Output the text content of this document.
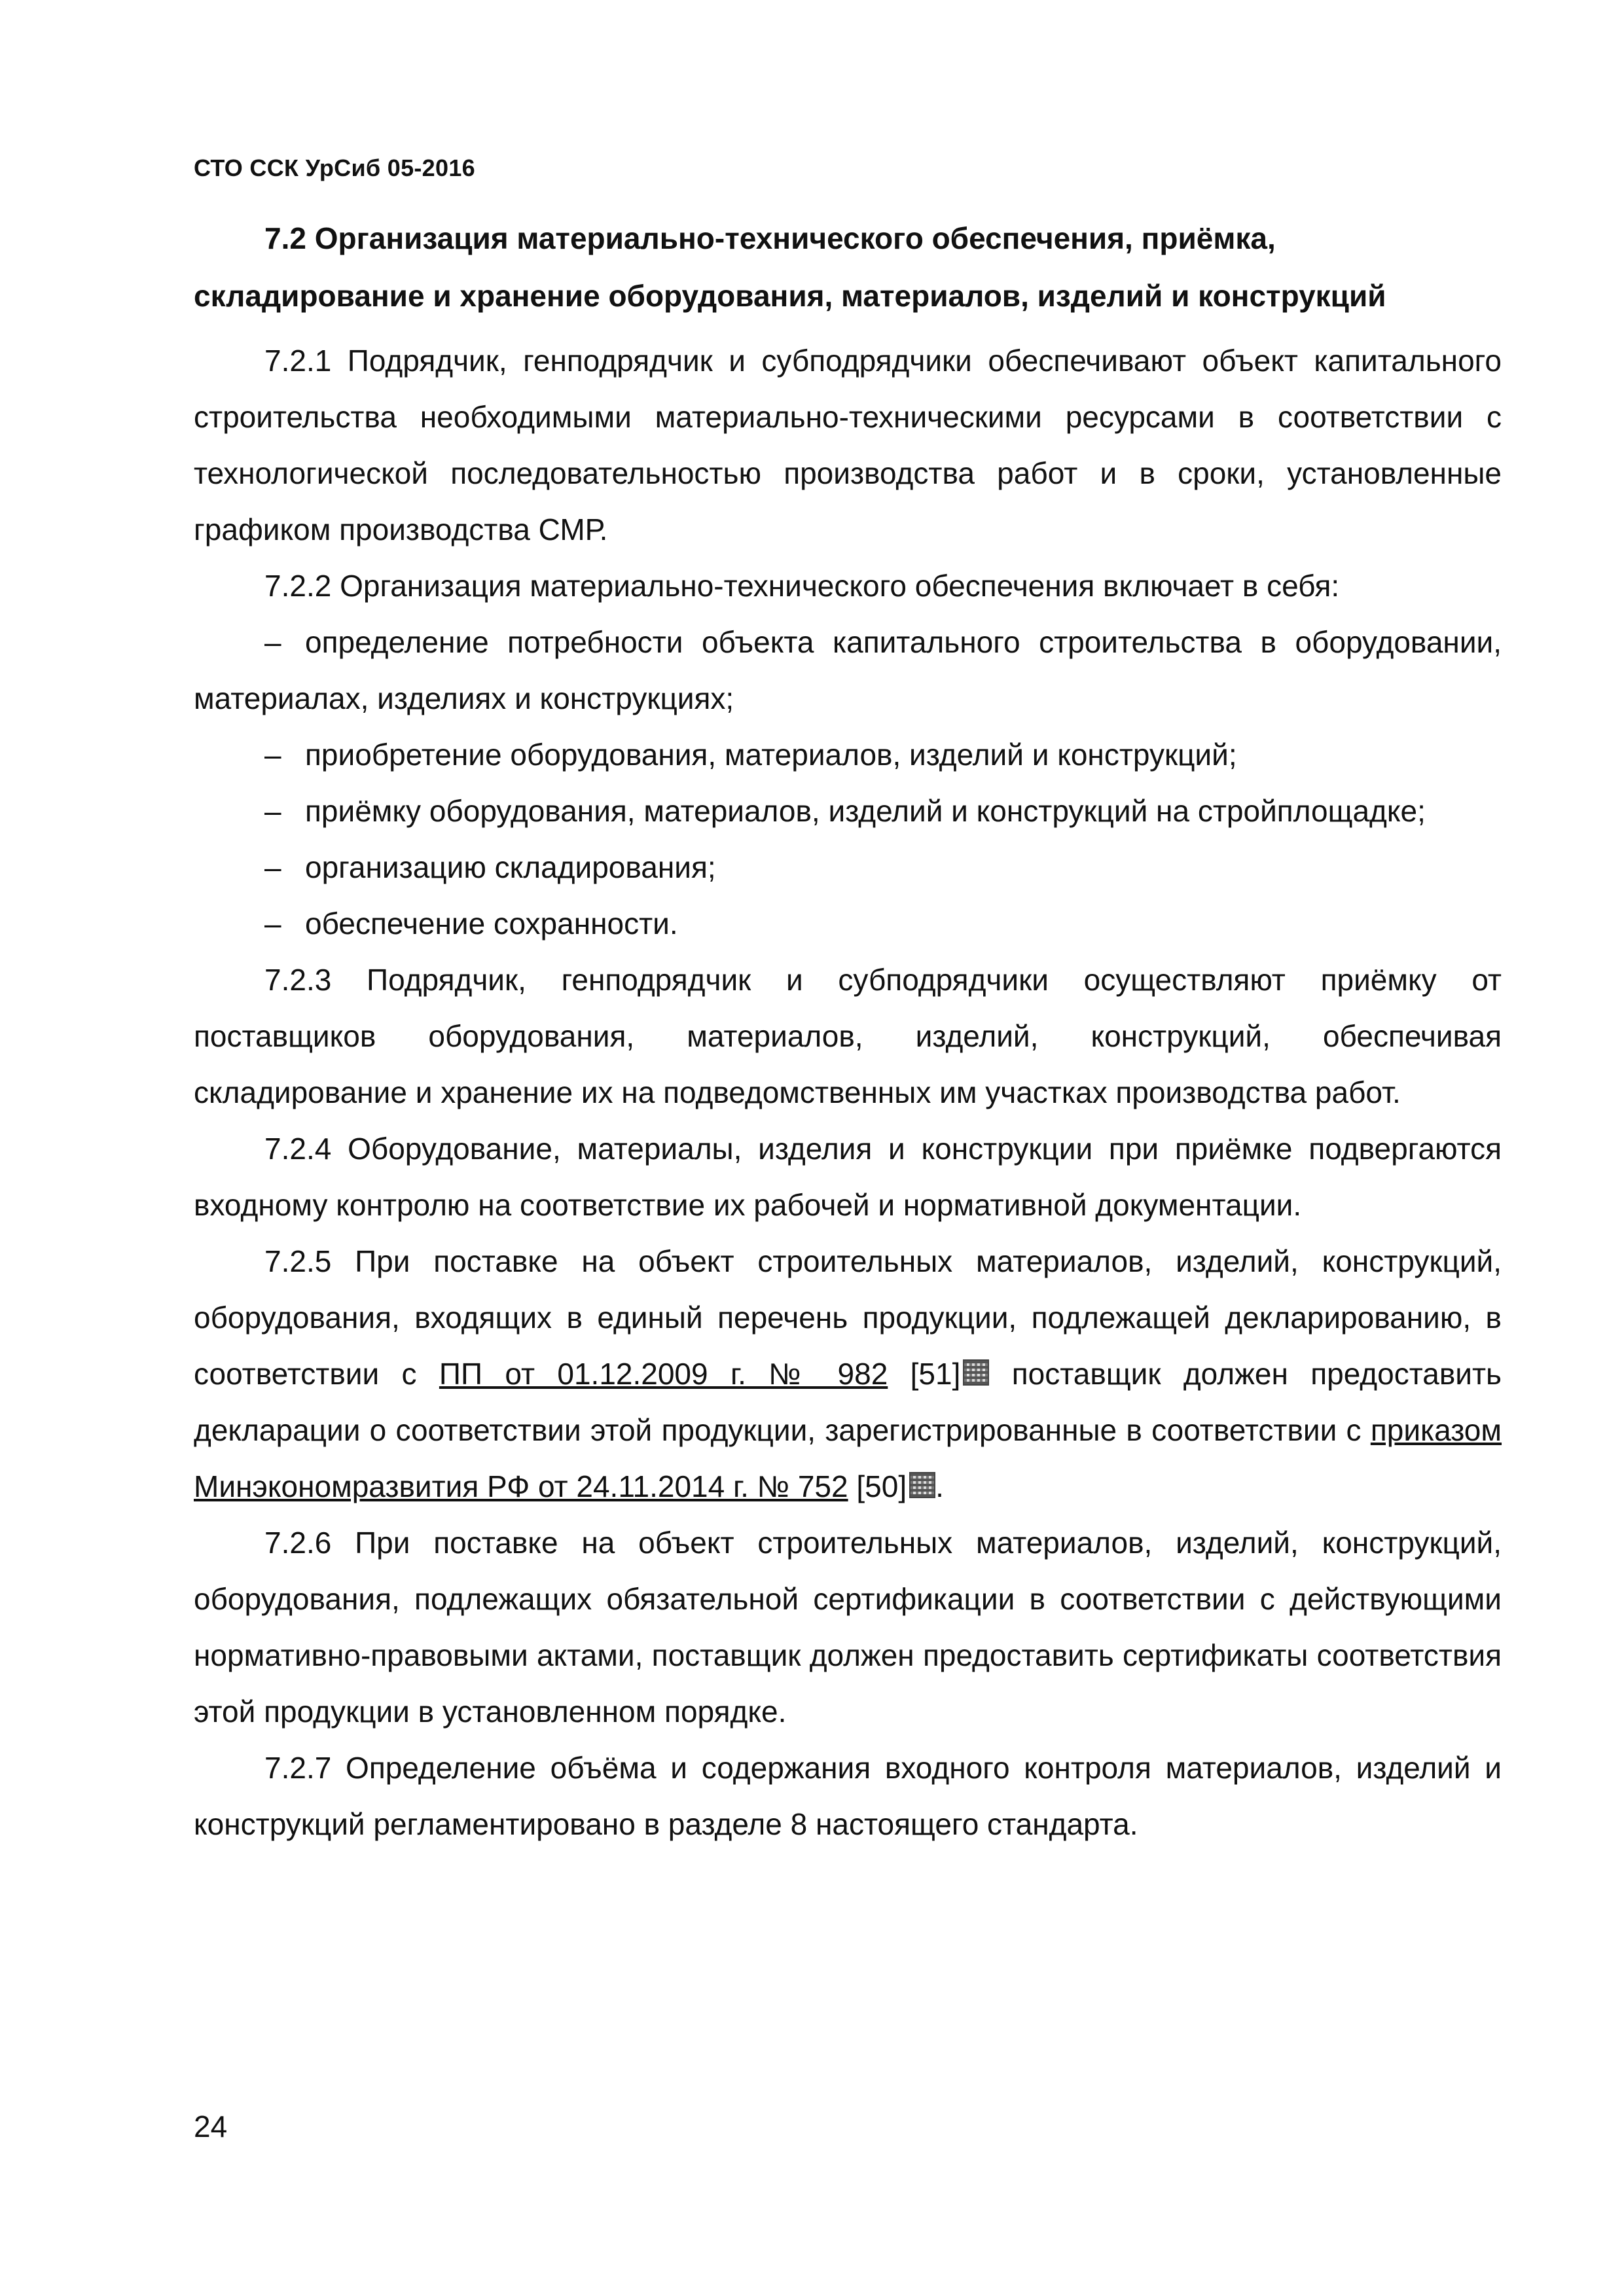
СТО ССК УрСиб 05-2016
7.2 Организация материально-технического обеспечения, приёмка,
складирование и хранение оборудования, материалов, изделий и конструкций

7.2.1 Подрядчик, генподрядчик и субподрядчики обеспечивают объект капитального строительства необходимыми материально-техническими ресурсами в соответствии с технологической последовательностью производства работ и в сроки, установленные графиком производства СМР.

7.2.2 Организация материально-технического обеспечения включает в себя:

– определение потребности объекта капитального строительства в оборудовании, материалах, изделиях и конструкциях;

– приобретение оборудования, материалов, изделий и конструкций;

– приёмку оборудования, материалов, изделий и конструкций на стройплощадке;

– организацию складирования;

– обеспечение сохранности.

7.2.3 Подрядчик, генподрядчик и субподрядчики осуществляют приёмку от поставщиков оборудования, материалов, изделий, конструкций, обеспечивая складирование и хранение их на подведомственных им участках производства работ.

7.2.4 Оборудование, материалы, изделия и конструкции при приёмке подвергаются входному контролю на соответствие их рабочей и нормативной документации.

7.2.5 При поставке на объект строительных материалов, изделий, конструкций, оборудования, входящих в единый перечень продукции, подлежащей декларированию, в соответствии с ПП от 01.12.2009 г. № 982 [51] поставщик должен предоставить декларации о соответствии этой продукции, зарегистрированные в соответствии с приказом Минэкономразвития РФ от 24.11.2014 г. № 752 [50] .

7.2.6 При поставке на объект строительных материалов, изделий, конструкций, оборудования, подлежащих обязательной сертификации в соответствии с действующими нормативно-правовыми актами, поставщик должен предоставить сертификаты соответствия этой продукции в установленном порядке.

7.2.7 Определение объёма и содержания входного контроля материалов, изделий и конструкций регламентировано в разделе 8 настоящего стандарта.

24
